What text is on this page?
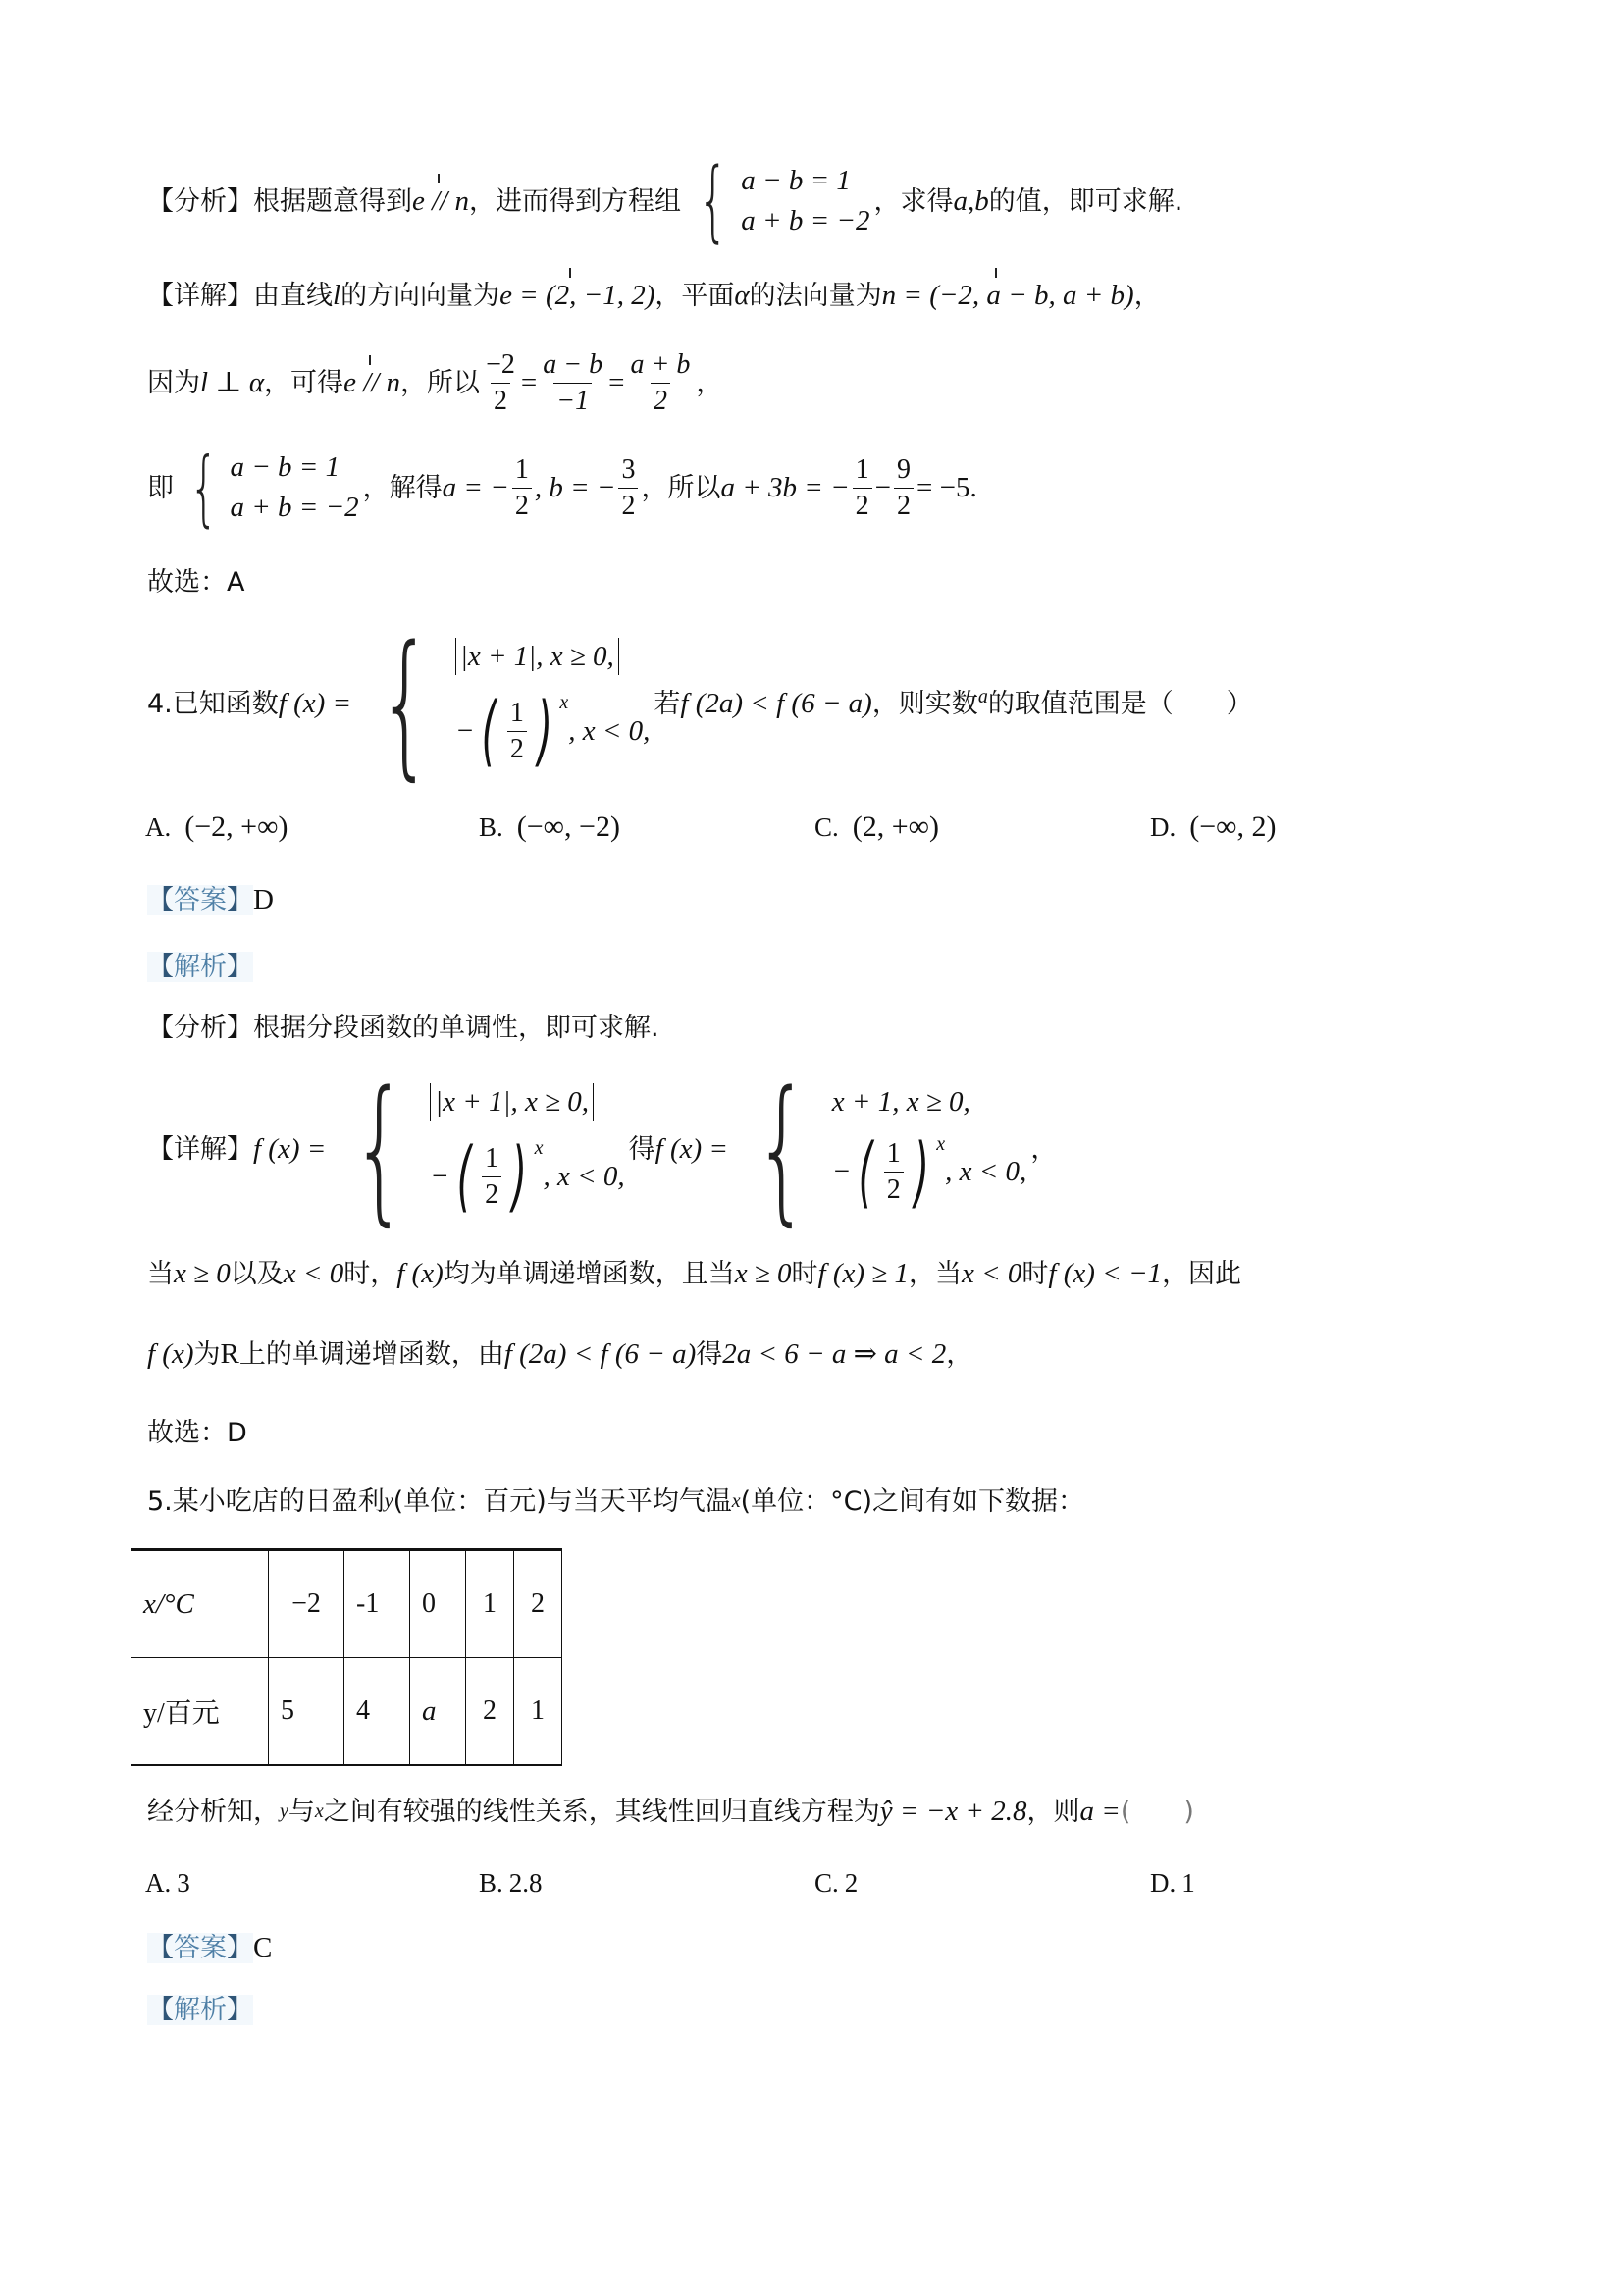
【分析】 根据题意得到 e // n ，进而得到方程组 { a − b = 1
a + b = −2
，求得 a,b 的值，即可求解.
【详解】 由直线 l 的方向向量为 e = (2, −1, 2) ，平面 α 的法向量为 n = (−2, a − b, a + b) ，
因为 l ⊥ α ，可得 e // n ，所以 $\frac{-2}{2} = \frac{a - b}{-1} = \frac{a + b}{2}$ ，
即 { a − b = 1
a + b = −2
，解得 a = − $\frac{1}{2}$ , b = − $\frac{3}{2}$ ，所以 a + 3b = − $\frac{1}{2} - \frac{9}{2} = -5$.
故选：A
4. 已知函数 f (x) = { |x + 1|, x ≥ 0,
− ( $\frac{1}{2}$ ) $^x$
, x < 0,
若 f (2a) < f (6 − a) ，则实数 a 的取值范围是（　　）
A. (−2, +∞)	B. (−∞, −2)	C. (2, +∞)	D. (−∞, 2)
【答案】 D
【解析】
【分析】 根据分段函数的单调性，即可求解.
【详解】 f (x) = { |x + 1|, x ≥ 0,
− ( $\frac{1}{2}$ ) $^x$
, x < 0,
得 f (x) = { x + 1, x ≥ 0,
− ( $\frac{1}{2}$ ) $^x$
, x < 0,
，
当 x ≥ 0 以及 x < 0 时， f (x) 均为单调递增函数，且当 x ≥ 0 时 f (x) ≥ 1 ，当 x < 0 时 f (x) < −1 ，因此
f (x) 为 R 上的单调递增函数，由 f (2a) < f (6 − a) 得 2a < 6 − a ⇒ a < 2 ，
故选：D
5. 某小吃店的日盈利 y (单位：百元)与当天平均气温 x (单位：°C)之间有如下数据：
x/°C	−2	-1	0	1	2
y/百元	5	4	a	2	1
经分析知， y 与 x 之间有较强的线性关系，其线性回归直线方程为 ŷ = −x + 2.8 ，则 a = (　　)
A. 3	B. 2.8	C. 2	D. 1
【答案】 C
【解析】
